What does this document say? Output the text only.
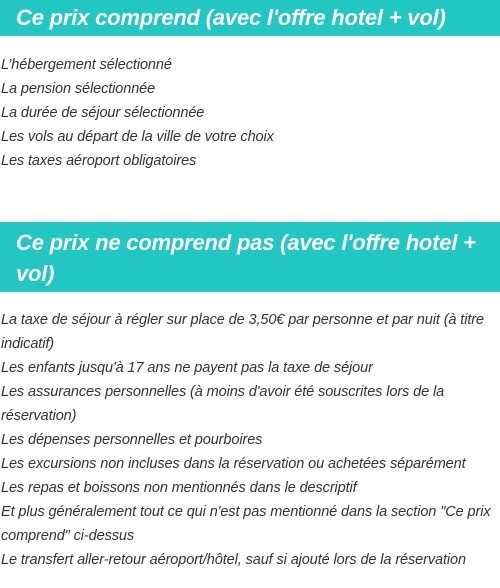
Ce prix comprend (avec l'offre hotel + vol)
L’hébergement sélectionné
La pension sélectionnée
La durée de séjour sélectionnée
Les vols au départ de la ville de votre choix
Les taxes aéroport obligatoires
Ce prix ne comprend pas (avec l'offre hotel + vol)
La taxe de séjour à régler sur place de 3,50€ par personne et par nuit (à titre indicatif)
Les enfants jusqu'à 17 ans ne payent pas la taxe de séjour
Les assurances personnelles (à moins d'avoir été souscrites lors de la réservation)
Les dépenses personnelles et pourboires
Les excursions non incluses dans la réservation ou achetées séparément
Les repas et boissons non mentionnés dans le descriptif
Et plus généralement tout ce qui n'est pas mentionné dans la section "Ce prix comprend" ci-dessus
Le transfert aller-retour aéroport/hôtel, sauf si ajouté lors de la réservation
